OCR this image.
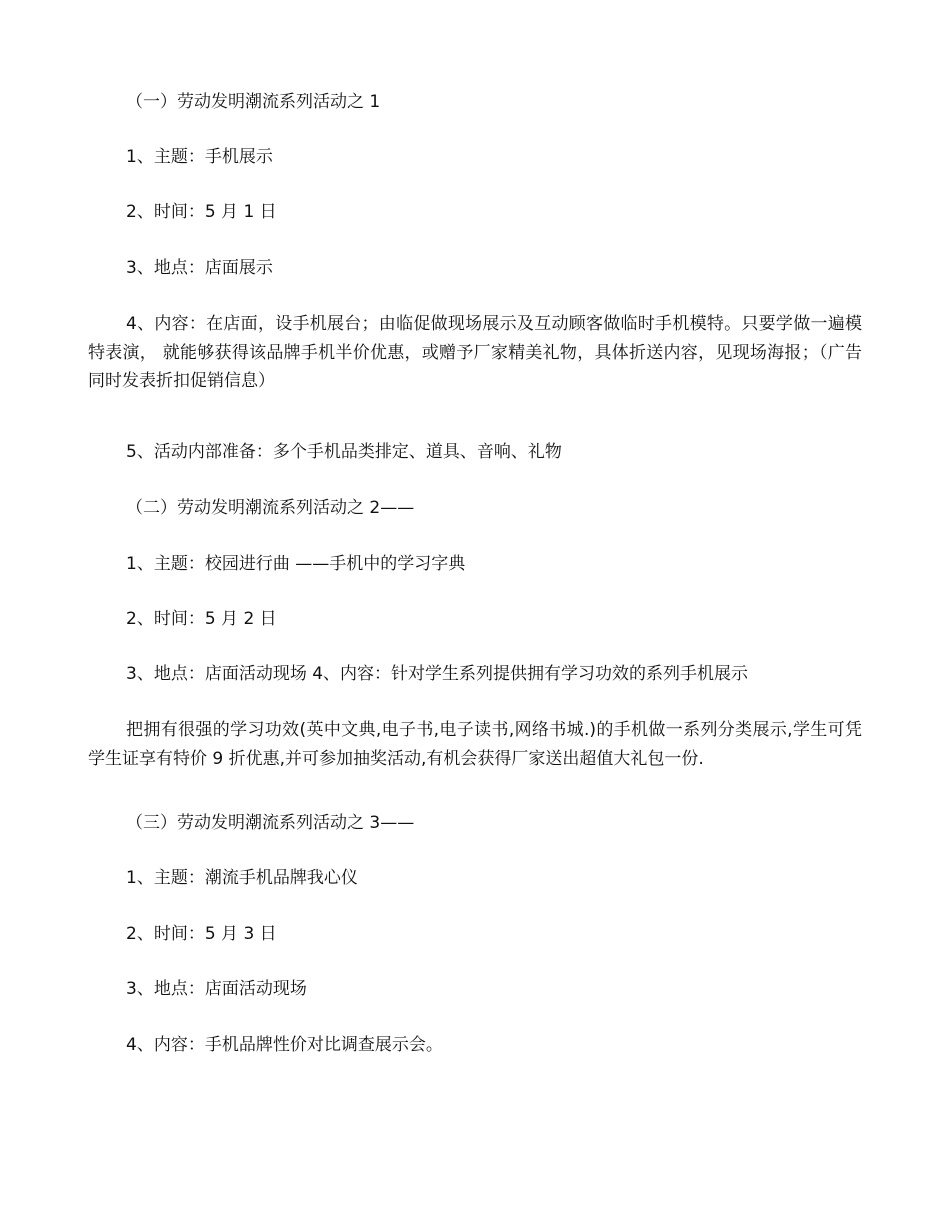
（一）劳动发明潮流系列活动之 1
1、主题：手机展示
2、时间：5 月 1 日
3、地点：店面展示
4、内容：在店面，设手机展台；由临促做现场展示及互动顾客做临时手机模特。只要学做一遍模特表演， 就能够获得该品牌手机半价优惠，或赠予厂家精美礼物，具体折送内容，见现场海报；（广告同时发表折扣促销信息）
5、活动内部准备：多个手机品类排定、道具、音响、礼物
（二）劳动发明潮流系列活动之 2——
1、主题：校园进行曲 ——手机中的学习字典
2、时间：5 月 2 日
3、地点：店面活动现场 4、内容：针对学生系列提供拥有学习功效的系列手机展示
把拥有很强的学习功效(英中文典,电子书,电子读书,网络书城.)的手机做一系列分类展示,学生可凭学生证享有特价 9 折优惠,并可参加抽奖活动,有机会获得厂家送出超值大礼包一份.
（三）劳动发明潮流系列活动之 3——
1、主题：潮流手机品牌我心仪
2、时间：5 月 3 日
3、地点：店面活动现场
4、内容：手机品牌性价对比调查展示会。
